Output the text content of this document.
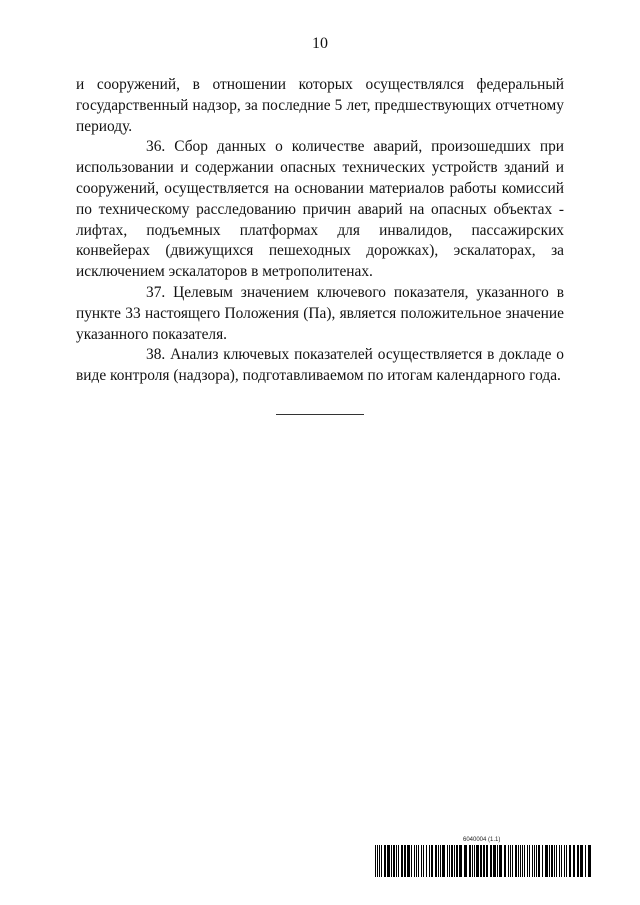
10

и сооружений, в отношении которых осуществлялся федеральный государственный надзор, за последние 5 лет, предшествующих отчетному периоду.

36. Сбор данных о количестве аварий, произошедших при использовании и содержании опасных технических устройств зданий и сооружений, осуществляется на основании материалов работы комиссий по техническому расследованию причин аварий на опасных объектах - лифтах, подъемных платформах для инвалидов, пассажирских конвейерах (движущихся пешеходных дорожках), эскалаторах, за исключением эскалаторов в метрополитенах.

37. Целевым значением ключевого показателя, указанного в пункте 33 настоящего Положения (Па), является положительное значение указанного показателя.

38. Анализ ключевых показателей осуществляется в докладе о виде контроля (надзора), подготавливаемом по итогам календарного года.

6040004 (1.1)
